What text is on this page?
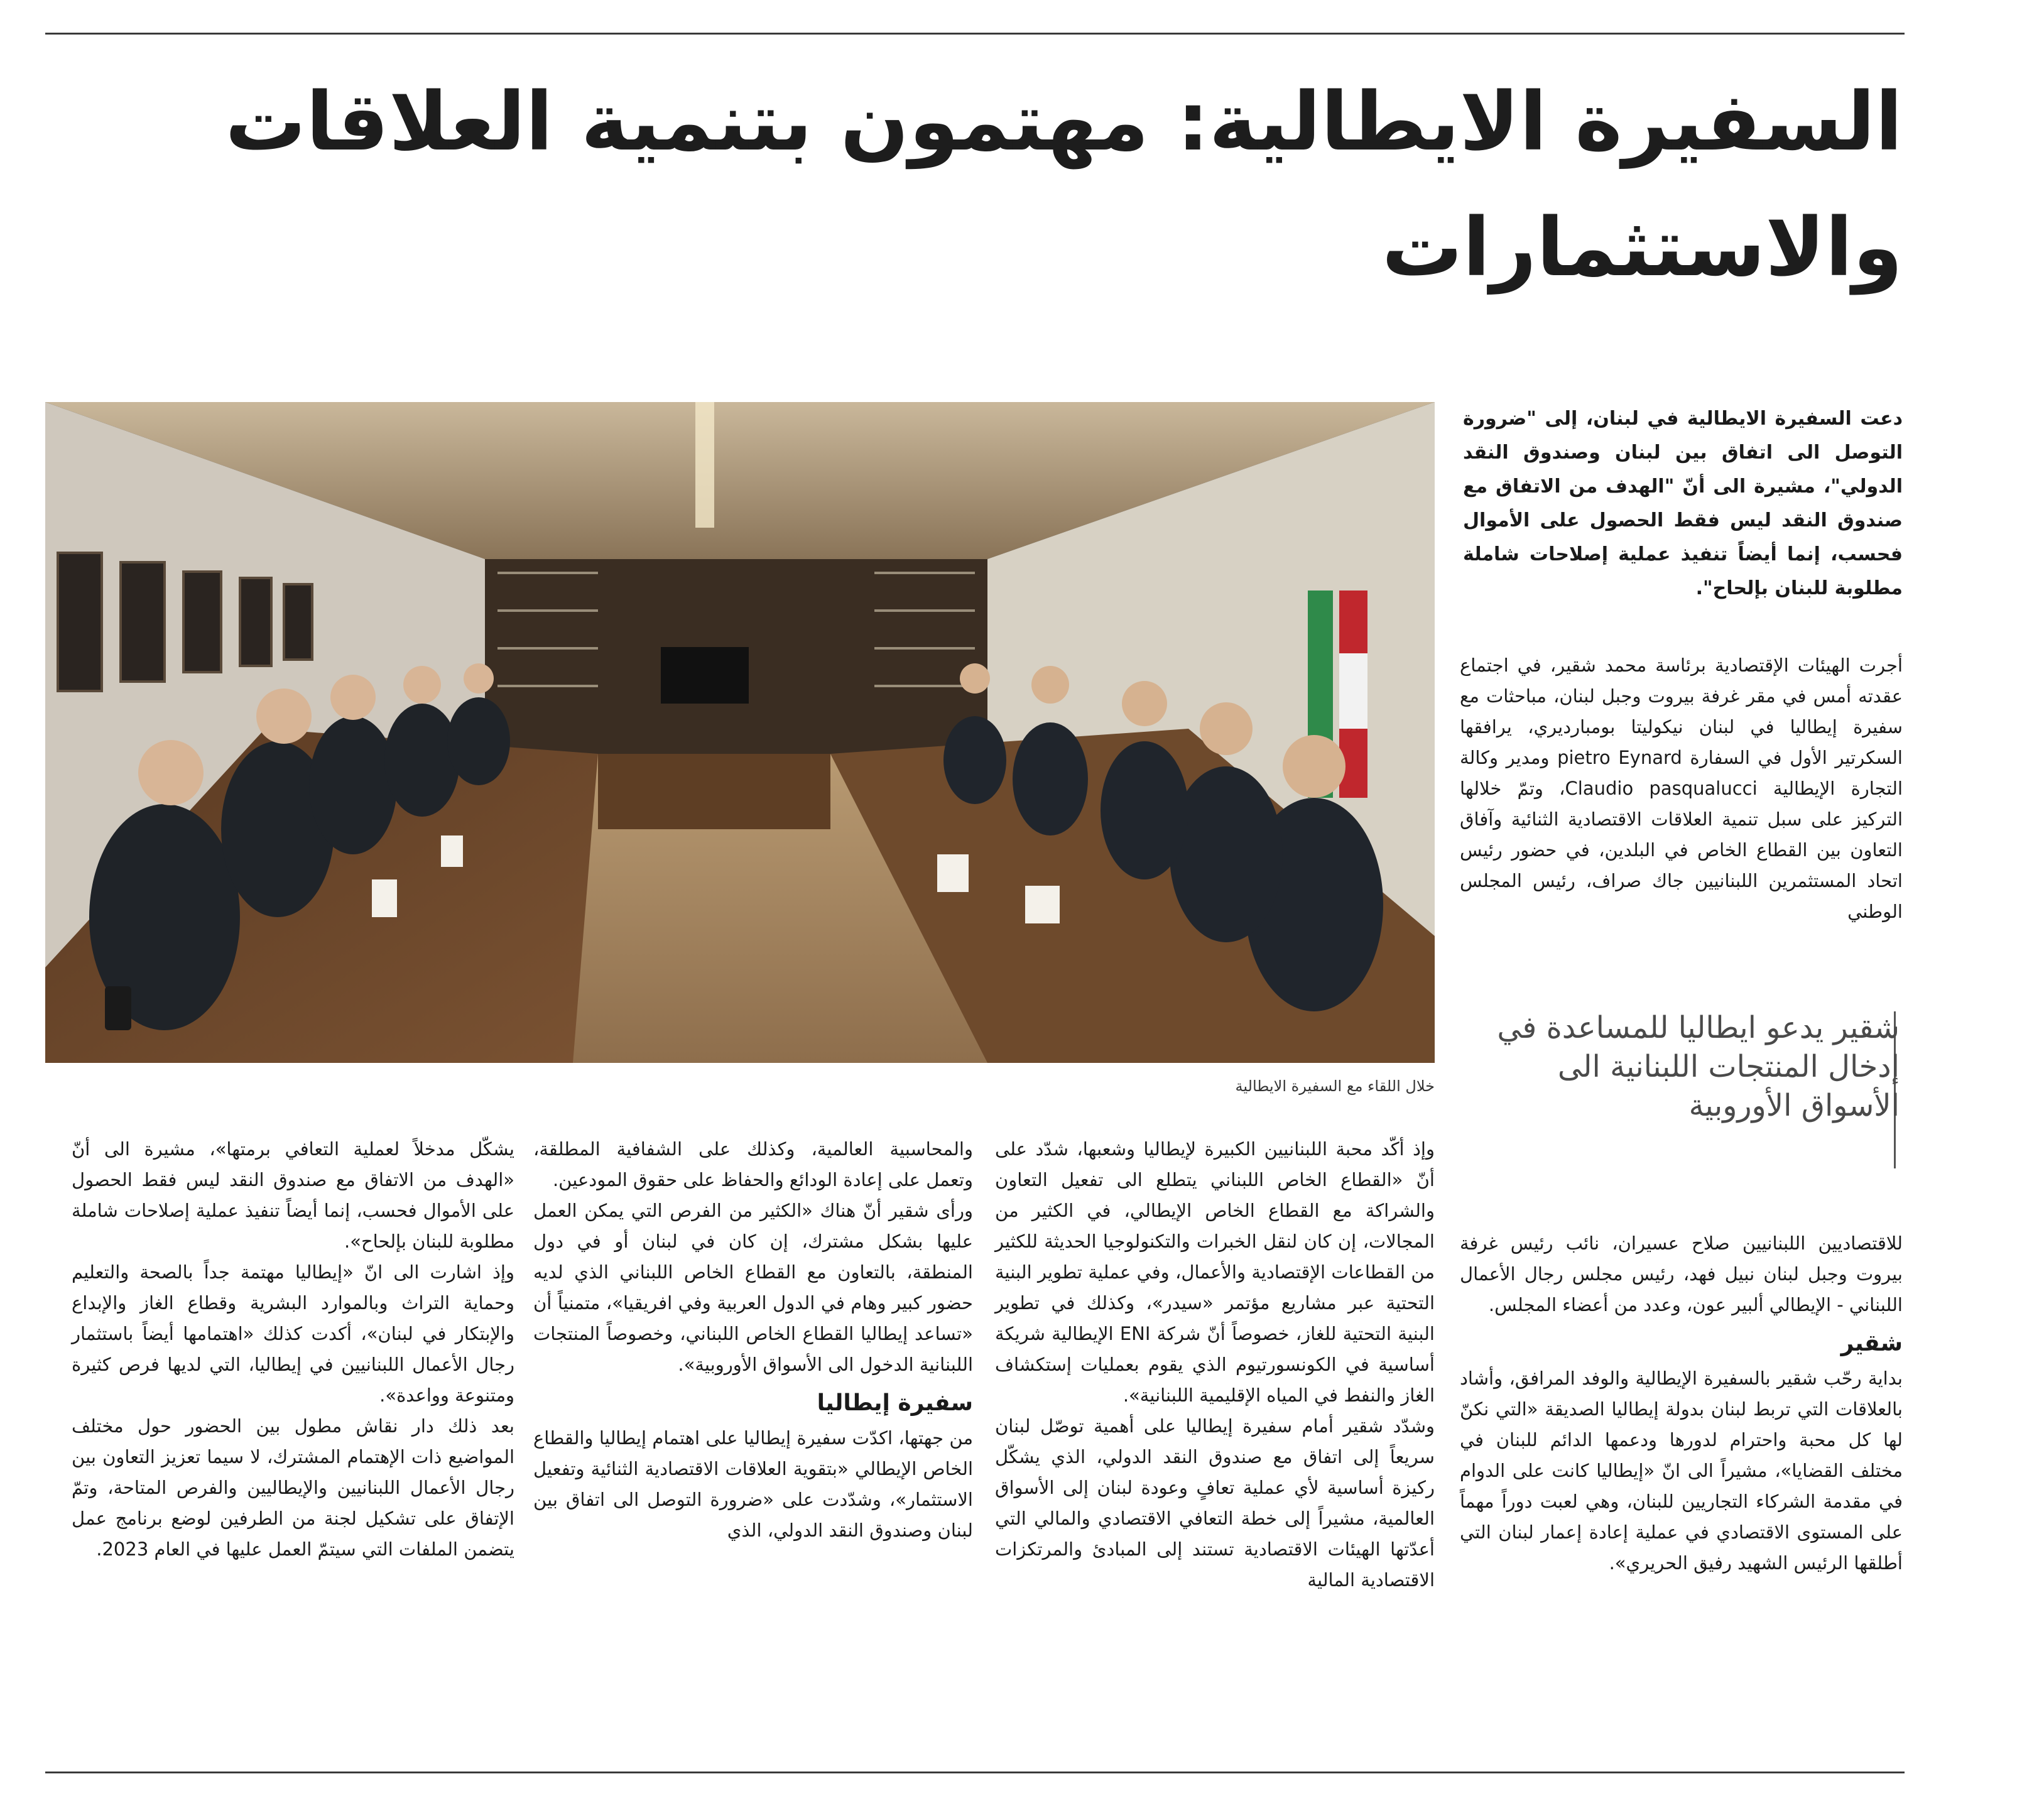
السفيرة الايطالية: مهتمون بتنمية العلاقات
والاستثمارات

دعت السفيرة الايطالية في لبنان، إلى "ضرورة التوصل الى اتفاق بين لبنان وصندوق النقد الدولي"، مشيرة الى أنّ "الهدف من الاتفاق مع صندوق النقد ليس فقط الحصول على الأموال فحسب، إنما أيضاً تنفيذ عملية إصلاحات شاملة مطلوبة للبنان بإلحاح".

خلال اللقاء مع السفيرة الايطالية

أجرت الهيئات الإقتصادية برئاسة محمد شقير، في اجتماع عقدته أمس في مقر غرفة بيروت وجبل لبنان، مباحثات مع سفيرة إيطاليا في لبنان نيكوليتا بومبارديري، يرافقها السكرتير الأول في السفارة pietro Eynard ومدير وكالة التجارة الإيطالية Claudio pasqualucci، وتمّ خلالها التركيز على سبل تنمية العلاقات الاقتصادية الثنائية وآفاق التعاون بين القطاع الخاص في البلدين، في حضور رئيس اتحاد المستثمرين اللبنانيين جاك صراف، رئيس المجلس الوطني

شقير يدعو ايطاليا للمساعدة في إدخال المنتجات اللبنانية الى الأسواق الأوروبية

للاقتصاديين اللبنانيين صلاح عسيران، نائب رئيس غرفة بيروت وجبل لبنان نبيل فهد، رئيس مجلس رجال الأعمال اللبناني - الإيطالي ألبير عون، وعدد من أعضاء المجلس.

شقير

بداية رحّب شقير بالسفيرة الإيطالية والوفد المرافق، وأشاد بالعلاقات التي تربط لبنان بدولة إيطاليا الصديقة «التي نكنّ لها كل محبة واحترام لدورها ودعمها الدائم للبنان في مختلف القضايا»، مشيراً الى انّ «إيطاليا كانت على الدوام في مقدمة الشركاء التجاريين للبنان، وهي لعبت دوراً مهماً على المستوى الاقتصادي في عملية إعادة إعمار لبنان التي أطلقها الرئيس الشهيد رفيق الحريري».

وإذ أكّد محبة اللبنانيين الكبيرة لإيطاليا وشعبها، شدّد على أنّ «القطاع الخاص اللبناني يتطلع الى تفعيل التعاون والشراكة مع القطاع الخاص الإيطالي، في الكثير من المجالات، إن كان لنقل الخبرات والتكنولوجيا الحديثة للكثير من القطاعات الإقتصادية والأعمال، وفي عملية تطوير البنية التحتية عبر مشاريع مؤتمر «سيدر»، وكذلك في تطوير البنية التحتية للغاز، خصوصاً أنّ شركة ENI الإيطالية شريكة أساسية في الكونسورتيوم الذي يقوم بعمليات إستكشاف الغاز والنفط في المياه الإقليمية اللبنانية».

وشدّد شقير أمام سفيرة إيطاليا على أهمية توصّل لبنان سريعاً إلى اتفاق مع صندوق النقد الدولي، الذي يشكّل ركيزة أساسية لأي عملية تعافٍ وعودة لبنان إلى الأسواق العالمية، مشيراً إلى خطة التعافي الاقتصادي والمالي التي أعدّتها الهيئات الاقتصادية تستند إلى المبادئ والمرتكزات الاقتصادية المالية

والمحاسبية العالمية، وكذلك على الشفافية المطلقة، وتعمل على إعادة الودائع والحفاظ على حقوق المودعين.

ورأى شقير أنّ هناك «الكثير من الفرص التي يمكن العمل عليها بشكل مشترك، إن كان في لبنان أو في دول المنطقة، بالتعاون مع القطاع الخاص اللبناني الذي لديه حضور كبير وهام في الدول العربية وفي افريقيا»، متمنياً أن «تساعد إيطاليا القطاع الخاص اللبناني، وخصوصاً المنتجات اللبنانية الدخول الى الأسواق الأوروبية».

سفيرة إيطاليا

من جهتها، اكدّت سفيرة إيطاليا على اهتمام إيطاليا والقطاع الخاص الإيطالي «بتقوية العلاقات الاقتصادية الثنائية وتفعيل الاستثمار»، وشدّدت على «ضرورة التوصل الى اتفاق بين لبنان وصندوق النقد الدولي، الذي

يشكّل مدخلاً لعملية التعافي برمتها»، مشيرة الى أنّ «الهدف من الاتفاق مع صندوق النقد ليس فقط الحصول على الأموال فحسب، إنما أيضاً تنفيذ عملية إصلاحات شاملة مطلوبة للبنان بإلحاح».

وإذ اشارت الى انّ «إيطاليا مهتمة جداً بالصحة والتعليم وحماية التراث وبالموارد البشرية وقطاع الغاز والإبداع والإبتكار في لبنان»، أكدت كذلك «اهتمامها أيضاً باستثمار رجال الأعمال اللبنانيين في إيطاليا، التي لديها فرص كثيرة ومتنوعة وواعدة».

بعد ذلك دار نقاش مطول بين الحضور حول مختلف المواضيع ذات الإهتمام المشترك، لا سيما تعزيز التعاون بين رجال الأعمال اللبنانيين والإيطاليين والفرص المتاحة، وتمّ الإتفاق على تشكيل لجنة من الطرفين لوضع برنامج عمل يتضمن الملفات التي سيتمّ العمل عليها في العام 2023.
